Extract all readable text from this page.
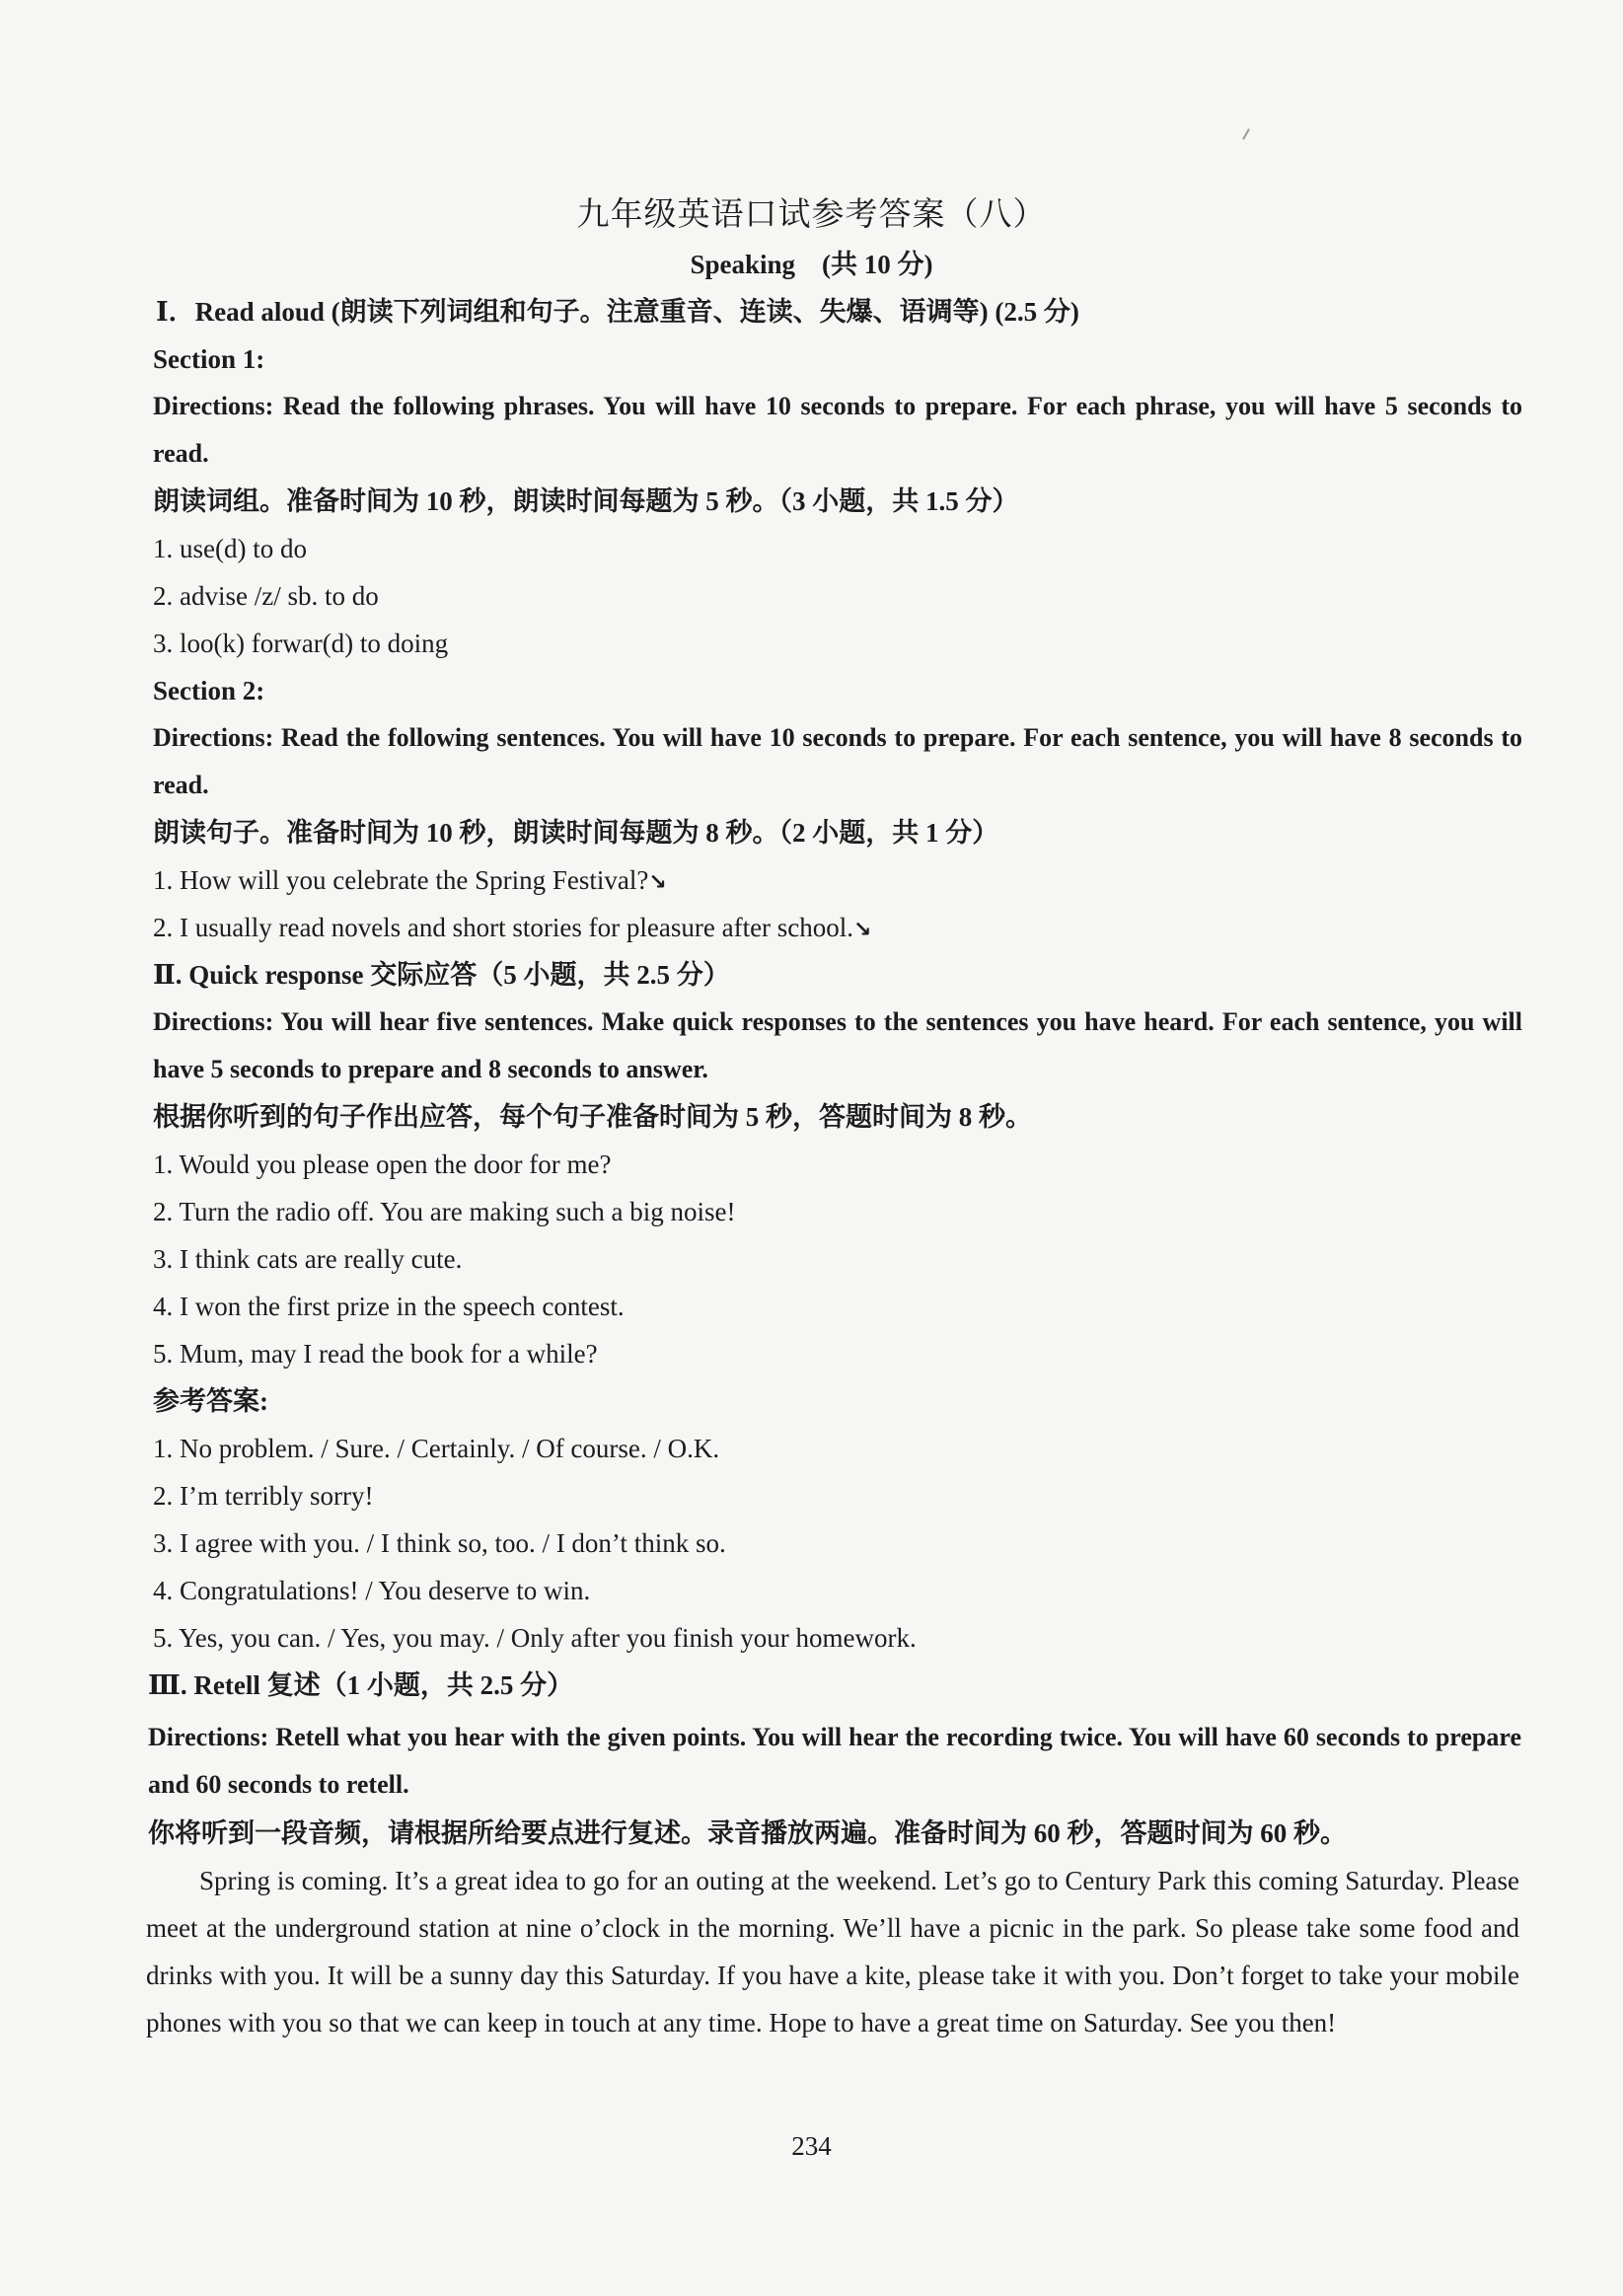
九年级英语口试参考答案（八）
Speaking　(共 10 分)
Ⅰ．Read aloud (朗读下列词组和句子。注意重音、连读、失爆、语调等) (2.5 分)
Section 1:
Directions: Read the following phrases. You will have 10 seconds to prepare. For each phrase, you will have 5 seconds to read.
朗读词组。准备时间为 10 秒，朗读时间每题为 5 秒。（3 小题，共 1.5 分）
1. use(d) to do
2. advise /z/ sb. to do
3. loo(k) forwar(d) to doing
Section 2:
Directions: Read the following sentences. You will have 10 seconds to prepare. For each sentence, you will have 8 seconds to read.
朗读句子。准备时间为 10 秒，朗读时间每题为 8 秒。（2 小题，共 1 分）
1. How will you celebrate the Spring Festival?↘
2. I usually read novels and short stories for pleasure after school.↘
Ⅱ. Quick response 交际应答（5 小题，共 2.5 分）
Directions: You will hear five sentences. Make quick responses to the sentences you have heard. For each sentence, you will have 5 seconds to prepare and 8 seconds to answer.
根据你听到的句子作出应答，每个句子准备时间为 5 秒，答题时间为 8 秒。
1. Would you please open the door for me?
2. Turn the radio off. You are making such a big noise!
3. I think cats are really cute.
4. I won the first prize in the speech contest.
5. Mum, may I read the book for a while?
参考答案:
1. No problem. / Sure. / Certainly. / Of course. / O.K.
2. I’m terribly sorry!
3. I agree with you. / I think so, too. / I don’t think so.
4. Congratulations! / You deserve to win.
5. Yes, you can. / Yes, you may. / Only after you finish your homework.
Ⅲ. Retell 复述（1 小题，共 2.5 分）
Directions: Retell what you hear with the given points. You will hear the recording twice. You will have 60 seconds to prepare and 60 seconds to retell.
你将听到一段音频，请根据所给要点进行复述。录音播放两遍。准备时间为 60 秒，答题时间为 60 秒。
Spring is coming. It’s a great idea to go for an outing at the weekend. Let’s go to Century Park this coming Saturday. Please meet at the underground station at nine o’clock in the morning. We’ll have a picnic in the park. So please take some food and drinks with you. It will be a sunny day this Saturday. If you have a kite, please take it with you. Don’t forget to take your mobile phones with you so that we can keep in touch at any time. Hope to have a great time on Saturday. See you then!
234
